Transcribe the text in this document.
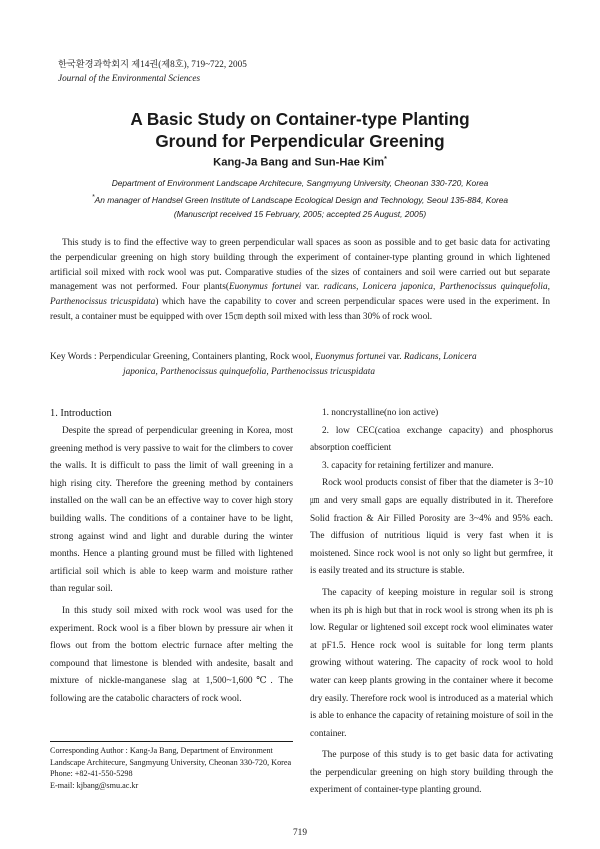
한국환경과학회지 제14권(제8호), 719~722, 2005
Journal of the Environmental Sciences
A Basic Study on Container-type Planting
Ground for Perpendicular Greening
Kang-Ja Bang and Sun-Hae Kim*
Department of Environment Landscape Architecure, Sangmyung University, Cheonan 330-720, Korea
*An manager of Handsel Green Institute of Landscape Ecological Design and Technology, Seoul 135-884, Korea
(Manuscript received 15 February, 2005; accepted 25 August, 2005)

This study is to find the effective way to green perpendicular wall spaces as soon as possible and to get basic data for activating the perpendicular greening on high story building through the experiment of container-type planting ground in which lightened artificial soil mixed with rock wool was put. Comparative studies of the sizes of containers and soil were carried out but separate management was not performed. Four plants(Euonymus fortunei var. radicans, Lonicera japonica, Parthenocissus quinquefolia, Parthenocissus tricuspidata) which have the capability to cover and screen perpendicular spaces were used in the experiment. In result, a container must be equipped with over 15㎝ depth soil mixed with less than 30% of rock wool.

Key Words : Perpendicular Greening, Containers planting, Rock wool, Euonymus fortunei var. Radicans, Lonicera
japonica, Parthenocissus quinquefolia, Parthenocissus tricuspidata
1. Introduction

Despite the spread of perpendicular greening in Korea, most greening method is very passive to wait for the climbers to cover the walls. It is difficult to pass the limit of wall greening in a high rising city. Therefore the greening method by containers installed on the wall can be an effective way to cover high story building walls. The conditions of a container have to be light, strong against wind and light and durable during the winter months. Hence a planting ground must be filled with lightened artificial soil which is able to keep warm and moisture rather than regular soil.

In this study soil mixed with rock wool was used for the experiment. Rock wool is a fiber blown by pressure air when it flows out from the bottom electric furnace after melting the compound that limestone is blended with andesite, basalt and mixture of nickle-manganese slag at 1,500~1,600℃. The following are the catabolic characters of rock wool.

1. noncrystalline(no ion active)

2. low CEC(catioa exchange capacity) and phosphorus absorption coefficient

3. capacity for retaining fertilizer and manure.

Rock wool products consist of fiber that the diameter is 3~10㎛ and very small gaps are equally distributed in it. Therefore Solid fraction & Air Filled Porosity are 3~4% and 95% each. The diffusion of nutritious liquid is very fast when it is moistened. Since rock wool is not only so light but germfree, it is easily treated and its structure is stable.

The capacity of keeping moisture in regular soil is strong when its ph is high but that in rock wool is strong when its ph is low. Regular or lightened soil except rock wool eliminates water at pF1.5. Hence rock wool is suitable for long term plants growing without watering. The capacity of rock wool to hold water can keep plants growing in the container where it become dry easily. Therefore rock wool is introduced as a material which is able to enhance the capacity of retaining moisture of soil in the container.

The purpose of this study is to get basic data for activating the perpendicular greening on high story building through the experiment of container-type planting ground.

Corresponding Author : Kang-Ja Bang, Department of Environment Landscape Architecure, Sangmyung University, Cheonan 330-720, Korea
Phone: +82-41-550-5298
E-mail: kjbang@smu.ac.kr
719
